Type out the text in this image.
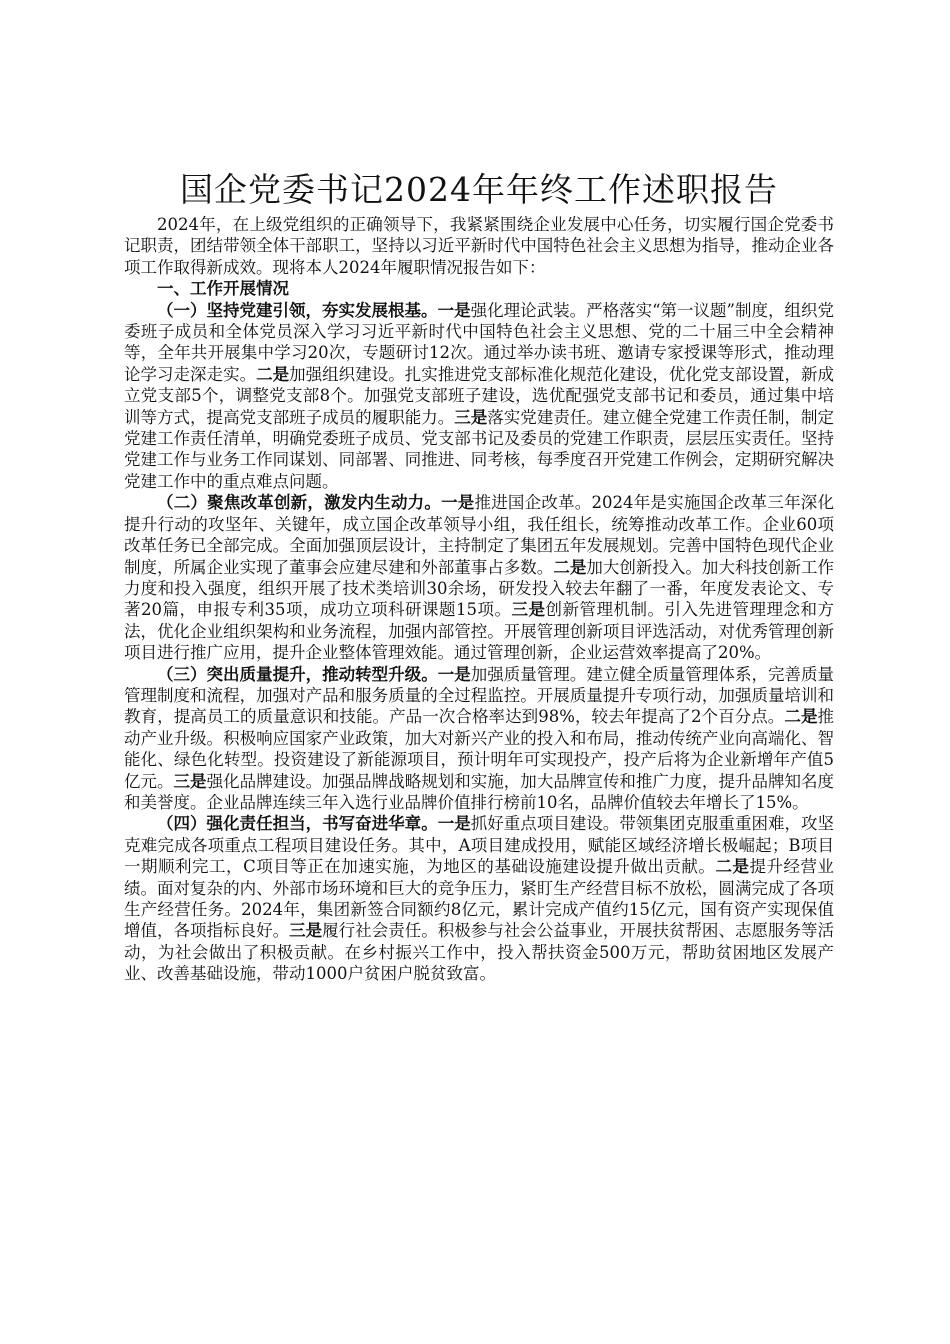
国企党委书记2024年年终工作述职报告

2024年，在上级党组织的正确领导下，我紧紧围绕企业发展中心任务，切实履行国企党委书记职责，团结带领全体干部职工，坚持以习近平新时代中国特色社会主义思想为指导，推动企业各项工作取得新成效。现将本人2024年履职情况报告如下：

一、工作开展情况

（一）坚持党建引领，夯实发展根基。一是强化理论武装。严格落实“第一议题”制度，组织党委班子成员和全体党员深入学习习近平新时代中国特色社会主义思想、党的二十届三中全会精神等，全年共开展集中学习20次，专题研讨12次。通过举办读书班、邀请专家授课等形式，推动理论学习走深走实。二是加强组织建设。扎实推进党支部标准化规范化建设，优化党支部设置，新成立党支部5个，调整党支部8个。加强党支部班子建设，选优配强党支部书记和委员，通过集中培训等方式，提高党支部班子成员的履职能力。三是落实党建责任。建立健全党建工作责任制，制定党建工作责任清单，明确党委班子成员、党支部书记及委员的党建工作职责，层层压实责任。坚持党建工作与业务工作同谋划、同部署、同推进、同考核，每季度召开党建工作例会，定期研究解决党建工作中的重点难点问题。

（二）聚焦改革创新，激发内生动力。一是推进国企改革。2024年是实施国企改革三年深化提升行动的攻坚年、关键年，成立国企改革领导小组，我任组长，统筹推动改革工作。企业60项改革任务已全部完成。全面加强顶层设计，主持制定了集团五年发展规划。完善中国特色现代企业制度，所属企业实现了董事会应建尽建和外部董事占多数。二是加大创新投入。加大科技创新工作力度和投入强度，组织开展了技术类培训30余场，研发投入较去年翻了一番，年度发表论文、专著20篇，申报专利35项，成功立项科研课题15项。三是创新管理机制。引入先进管理理念和方法，优化企业组织架构和业务流程，加强内部管控。开展管理创新项目评选活动，对优秀管理创新项目进行推广应用，提升企业整体管理效能。通过管理创新，企业运营效率提高了20%。

（三）突出质量提升，推动转型升级。一是加强质量管理。建立健全质量管理体系，完善质量管理制度和流程，加强对产品和服务质量的全过程监控。开展质量提升专项行动，加强质量培训和教育，提高员工的质量意识和技能。产品一次合格率达到98%，较去年提高了2个百分点。二是推动产业升级。积极响应国家产业政策，加大对新兴产业的投入和布局，推动传统产业向高端化、智能化、绿色化转型。投资建设了新能源项目，预计明年可实现投产，投产后将为企业新增年产值5亿元。三是强化品牌建设。加强品牌战略规划和实施，加大品牌宣传和推广力度，提升品牌知名度和美誉度。企业品牌连续三年入选行业品牌价值排行榜前10名，品牌价值较去年增长了15%。

（四）强化责任担当，书写奋进华章。一是抓好重点项目建设。带领集团克服重重困难，攻坚克难完成各项重点工程项目建设任务。其中，A项目建成投用，赋能区域经济增长极崛起；B项目一期顺利完工，C项目等正在加速实施，为地区的基础设施建设提升做出贡献。二是提升经营业绩。面对复杂的内、外部市场环境和巨大的竞争压力，紧盯生产经营目标不放松，圆满完成了各项生产经营任务。2024年，集团新签合同额约8亿元，累计完成产值约15亿元，国有资产实现保值增值，各项指标良好。三是履行社会责任。积极参与社会公益事业，开展扶贫帮困、志愿服务等活动，为社会做出了积极贡献。在乡村振兴工作中，投入帮扶资金500万元，帮助贫困地区发展产业、改善基础设施，带动1000户贫困户脱贫致富。
